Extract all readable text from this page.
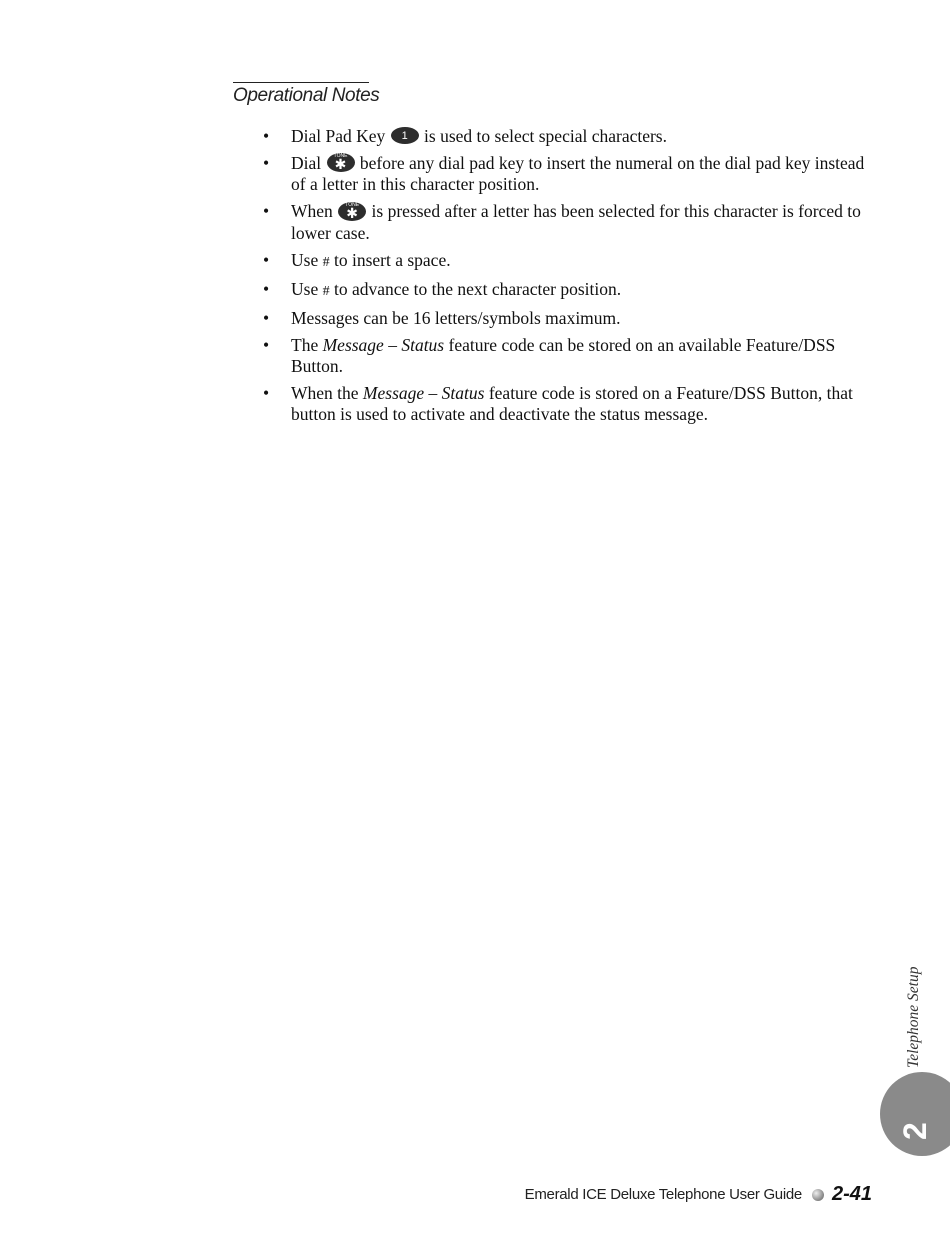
Operational Notes
• Dial Pad Key 1 is used to select special characters.
• Dial	TONE
✱ before any dial pad key to insert the numeral on the dial pad key instead of a letter in this character position.
• When	TONE
✱ is pressed after a letter has been selected for this character is forced to lower case.
• Use # to insert a space.
• Use # to advance to the next character position.
• Messages can be 16 letters/symbols maximum.
• The Message – Status feature code can be stored on an available Feature/DSS Button.
• When the Message – Status feature code is stored on a Feature/DSS Button, that button is used to activate and deactivate the status message.
Telephone Setup
2
Emerald ICE Deluxe Telephone User Guide 2-41
